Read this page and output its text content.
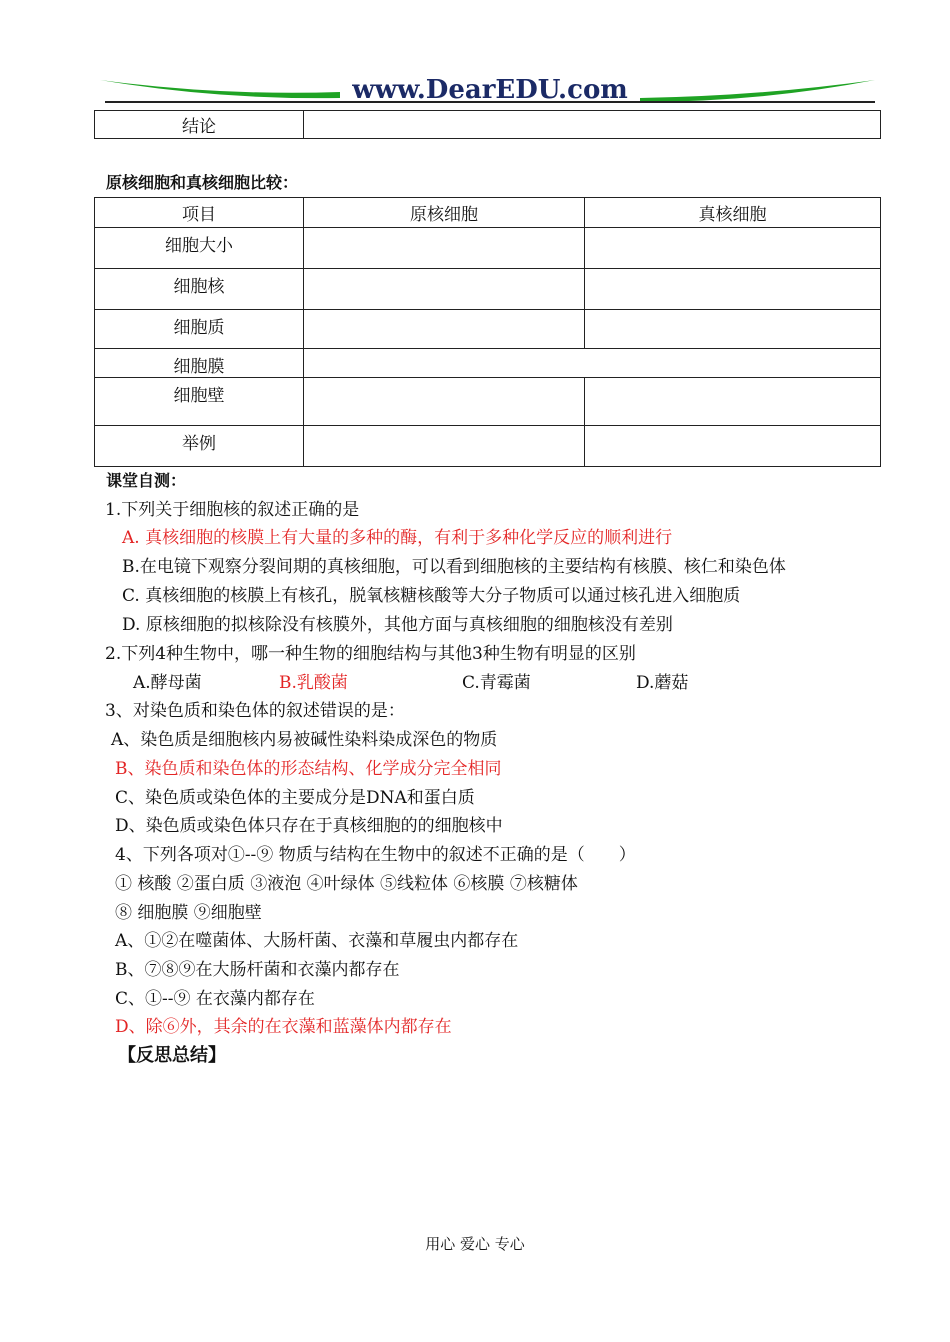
www.DearEDU.com
结论	
原核细胞和真核细胞比较：
项目	原核细胞	真核细胞
细胞大小		
细胞核		
细胞质		
细胞膜		
细胞壁		
举例		
课堂自测：
1.下列关于细胞核的叙述正确的是
A. 真核细胞的核膜上有大量的多种的酶，有利于多种化学反应的顺利进行
B.在电镜下观察分裂间期的真核细胞，可以看到细胞核的主要结构有核膜、核仁和染色体
C. 真核细胞的核膜上有核孔，脱氧核糖核酸等大分子物质可以通过核孔进入细胞质
D. 原核细胞的拟核除没有核膜外，其他方面与真核细胞的细胞核没有差别
2.下列4种生物中，哪一种生物的细胞结构与其他3种生物有明显的区别
A.酵母菌	B.乳酸菌	C.青霉菌	D.蘑菇
3、对染色质和染色体的叙述错误的是：
A、染色质是细胞核内易被碱性染料染成深色的物质
B、染色质和染色体的形态结构、化学成分完全相同
C、染色质或染色体的主要成分是DNA和蛋白质
D、染色质或染色体只存在于真核细胞的的细胞核中
4、下列各项对①--⑨ 物质与结构在生物中的叙述不正确的是（　　）
① 核酸 ②蛋白质 ③液泡 ④叶绿体 ⑤线粒体 ⑥核膜 ⑦核糖体
⑧ 细胞膜 ⑨细胞壁
A、①②在噬菌体、大肠杆菌、衣藻和草履虫内都存在
B、⑦⑧⑨在大肠杆菌和衣藻内都存在
C、①--⑨ 在衣藻内都存在
D、除⑥外，其余的在衣藻和蓝藻体内都存在
【反思总结】
用心 爱心 专心
